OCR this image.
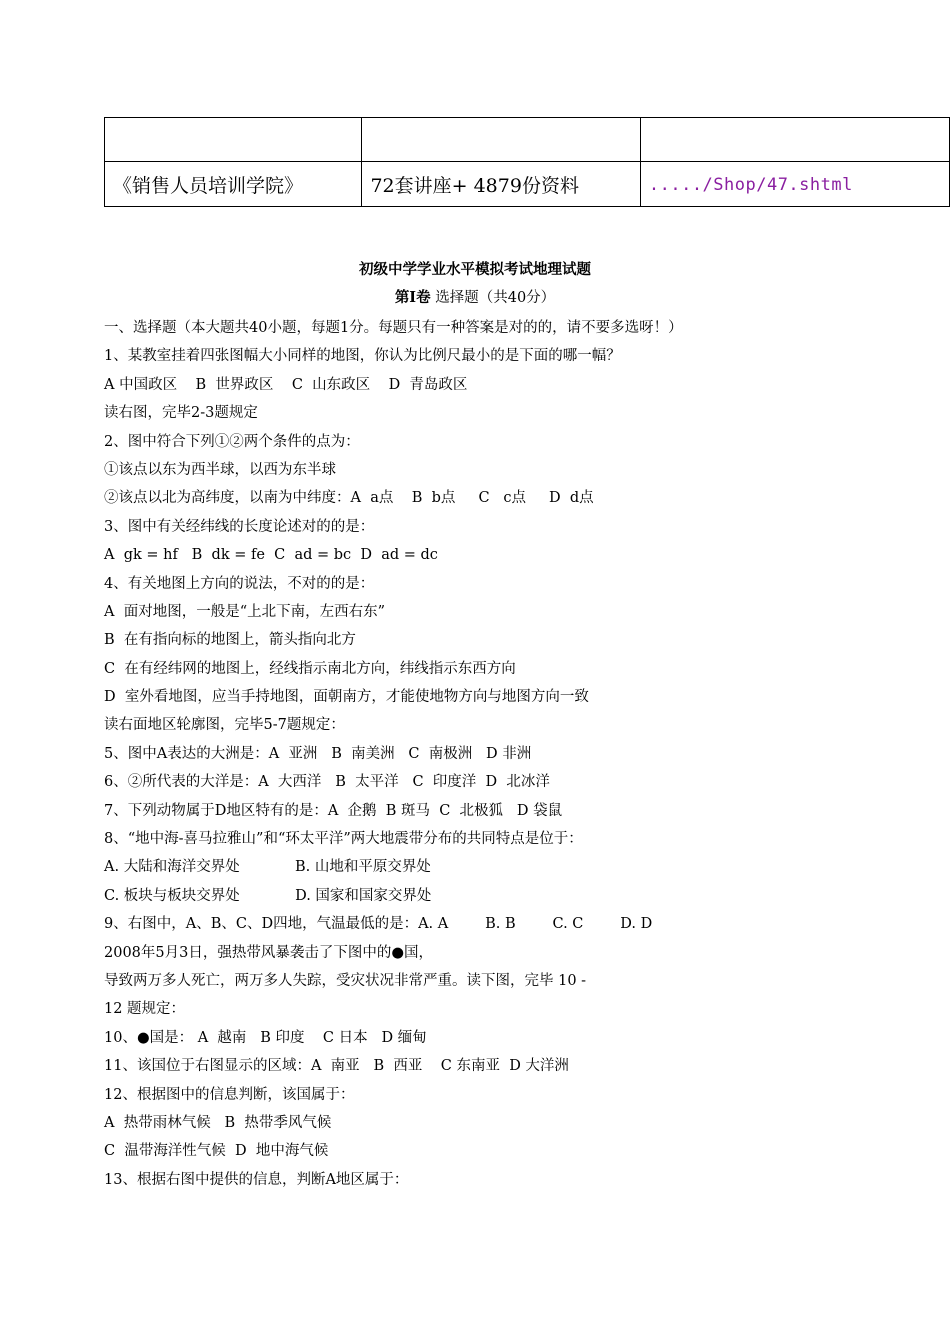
《销售人员培训学院》	72套讲座+ 4879份资料	...../Shop/47.shtml
初级中学学业水平模拟考试地理试题
第Ⅰ卷 选择题（共40分）
一、选择题（本大题共40小题，每题1分。每题只有一种答案是对的的，请不要多选呀！）
1、某教室挂着四张图幅大小同样的地图，你认为比例尺最小的是下面的哪一幅？
A 中国政区    B  世界政区    C  山东政区    D  青岛政区
读右图，完毕2-3题规定
2、图中符合下列①②两个条件的点为：
①该点以东为西半球，以西为东半球
②该点以北为高纬度，以南为中纬度：A  a点    B  b点     C   c点     D  d点
3、图中有关经纬线的长度论述对的的是：
A  gk = hf   B  dk = fe  C  ad = bc  D  ad = dc
4、有关地图上方向的说法，不对的的是：
A  面对地图，一般是“上北下南，左西右东”
B  在有指向标的地图上，箭头指向北方
C  在有经纬网的地图上，经线指示南北方向，纬线指示东西方向
D  室外看地图，应当手持地图，面朝南方，才能使地物方向与地图方向一致
读右面地区轮廓图，完毕5-7题规定：
5、图中A表达的大洲是：A  亚洲   B  南美洲   C  南极洲   D 非洲
6、②所代表的大洋是：A  大西洋   B  太平洋   C  印度洋  D  北冰洋
7、下列动物属于D地区特有的是：A  企鹅  B 斑马  C  北极狐   D 袋鼠
8、“地中海-喜马拉雅山”和“环太平洋”两大地震带分布的共同特点是位于：
A. 大陆和海洋交界处            B. 山地和平原交界处
C. 板块与板块交界处            D. 国家和国家交界处
9、右图中，A、B、C、D四地，气温最低的是：A. A        B. B        C. C        D. D
2008年5月3日，强热带风暴袭击了下图中的●国，
导致两万多人死亡，两万多人失踪，受灾状况非常严重。读下图，完毕 10 -
12 题规定：
10、●国是： A  越南   B 印度    C 日本   D 缅甸
11、该国位于右图显示的区域：A  南亚   B  西亚    C 东南亚  D 大洋洲
12、根据图中的信息判断，该国属于：
A  热带雨林气候   B  热带季风气候
C  温带海洋性气候  D  地中海气候
13、根据右图中提供的信息，判断A地区属于：
